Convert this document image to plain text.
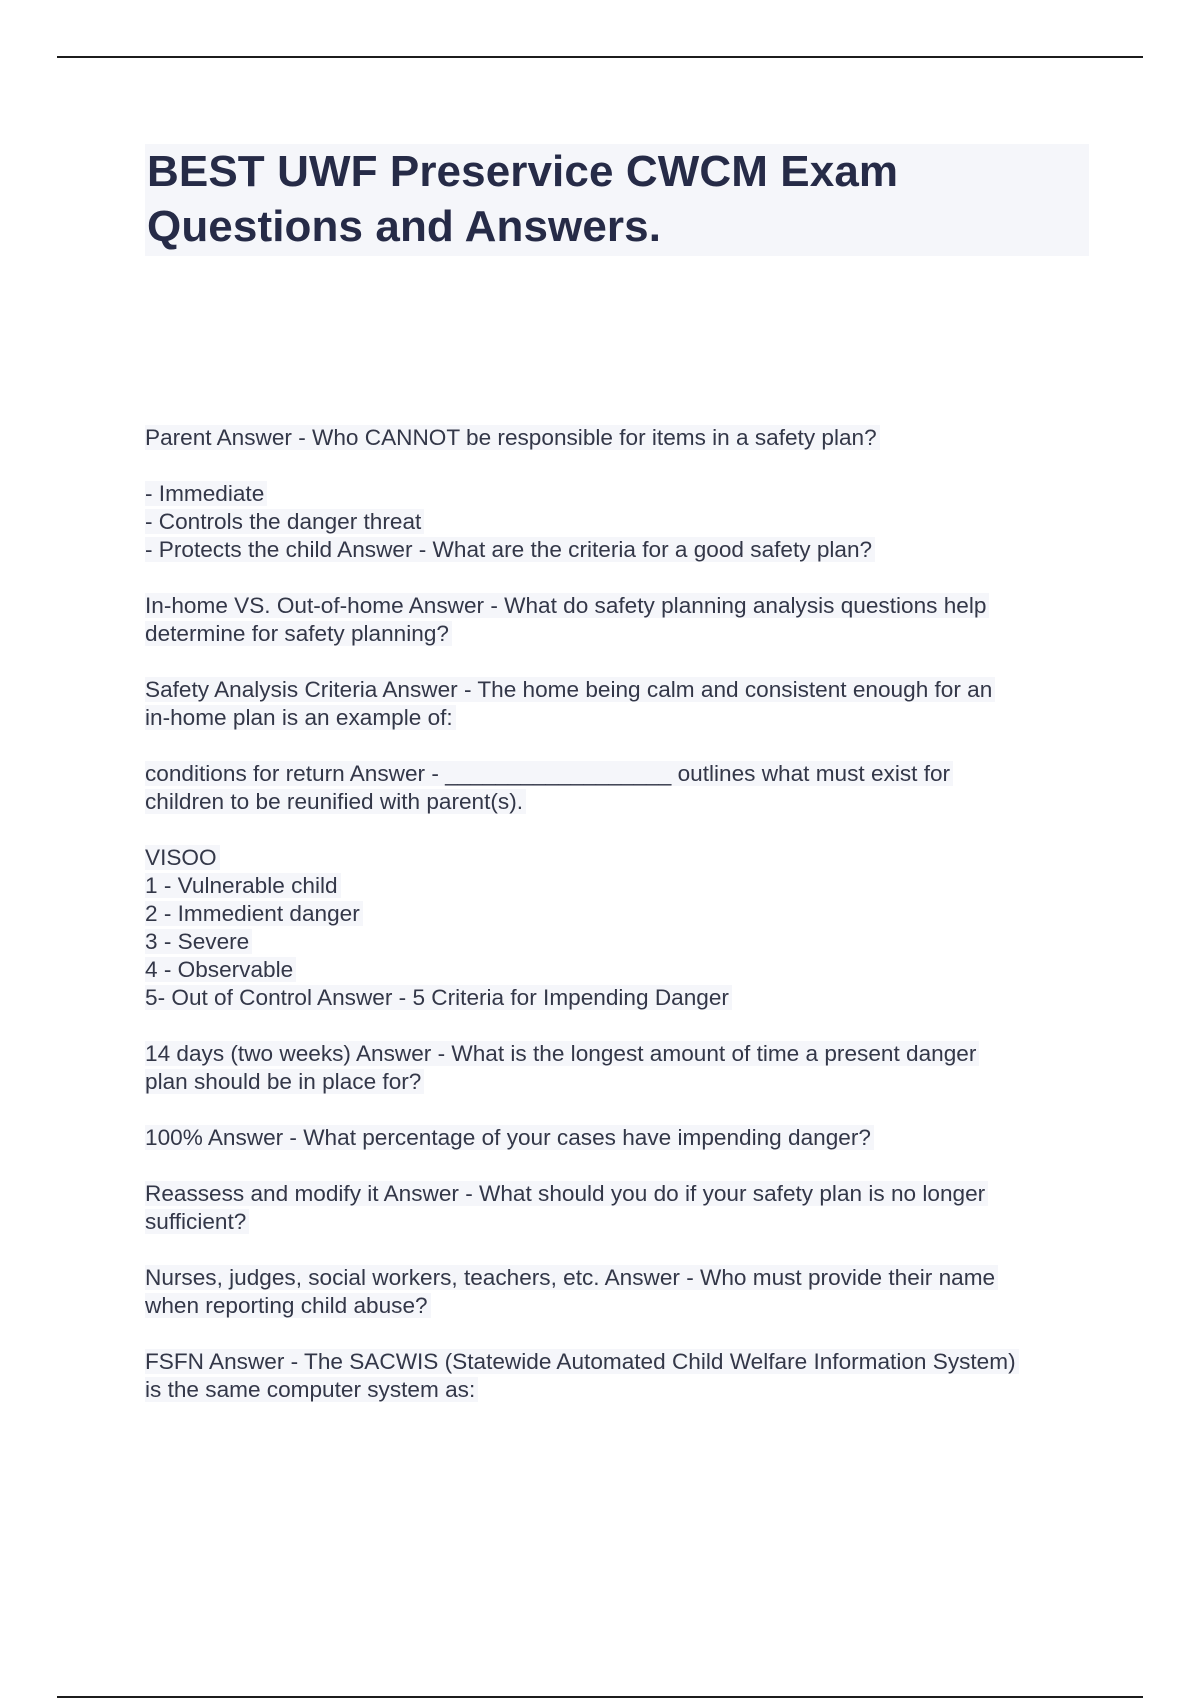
BEST UWF Preservice CWCM Exam
Questions and Answers.
Parent Answer - Who CANNOT be responsible for items in a safety plan?
- Immediate
- Controls the danger threat
- Protects the child Answer - What are the criteria for a good safety plan?
In-home VS. Out-of-home Answer - What do safety planning analysis questions help
determine for safety planning?
Safety Analysis Criteria Answer - The home being calm and consistent enough for an
in-home plan is an example of:
conditions for return Answer - __________________ outlines what must exist for
children to be reunified with parent(s).
VISOO
1 - Vulnerable child
2 - Immedient danger
3 - Severe
4 - Observable
5- Out of Control Answer - 5 Criteria for Impending Danger
14 days (two weeks) Answer - What is the longest amount of time a present danger
plan should be in place for?
100% Answer - What percentage of your cases have impending danger?
Reassess and modify it Answer - What should you do if your safety plan is no longer
sufficient?
Nurses, judges, social workers, teachers, etc. Answer - Who must provide their name
when reporting child abuse?
FSFN Answer - The SACWIS (Statewide Automated Child Welfare Information System)
is the same computer system as:
